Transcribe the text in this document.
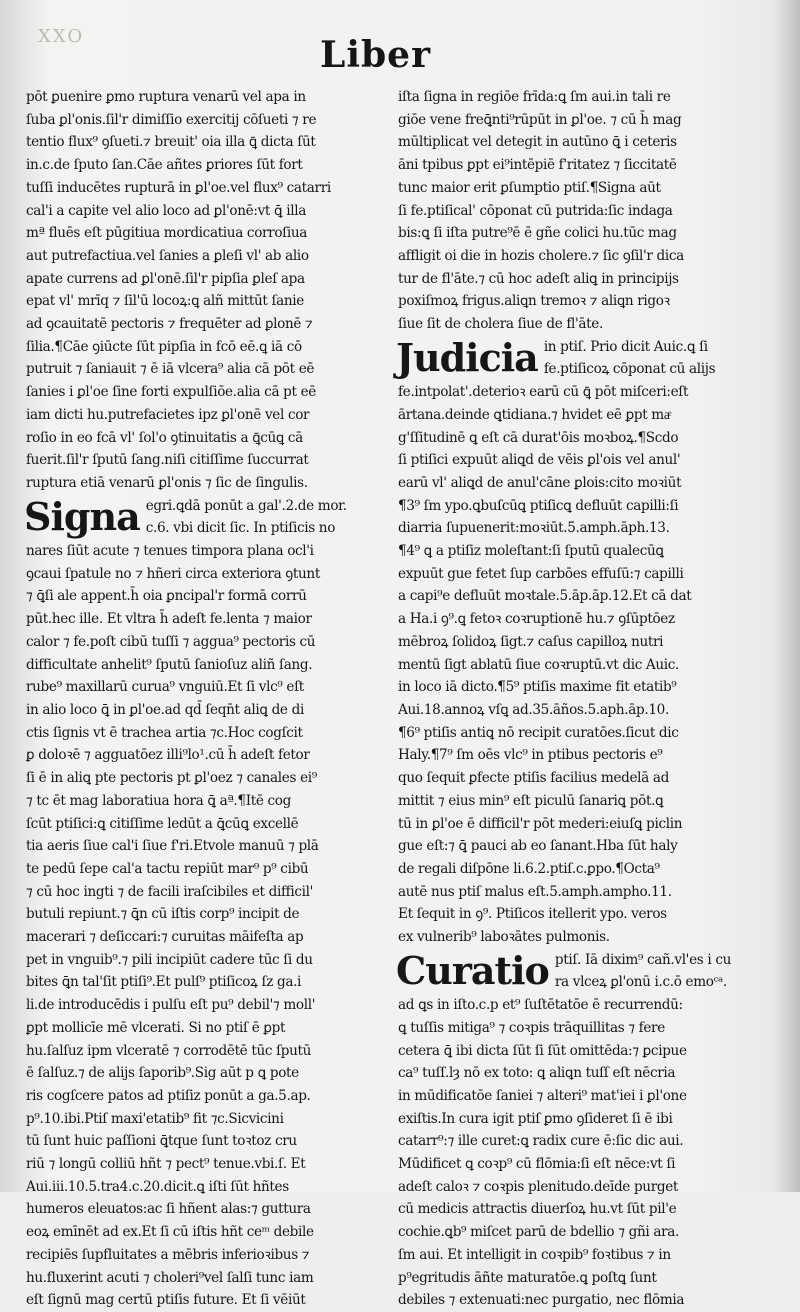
XXO	Liber

pōt ꝑuenire ꝑmo ruptura venarū vel apa in

ſuba ꝑl'onis.ſil'r dimiſſio exercitij cōſueti ⁊ re

tentio flux⁹ ꝯſueti.⁊ breuit' oia illa ꝗ̄ dicta ſūt

in.c.de ſputo ſan.Cāe añtes ꝑriores ſūt fort

tuſſi inducētes rupturā in ꝑl'oe.vel flux⁹ catarri

cal'i a capite vel alio loco ad ꝑl'onē:vt ꝗ̄ illa

mª fluēs eſt pūgitiua mordicatiua corroſiua

aut putrefactiua.vel ſanies a ꝑleſi vl' ab alio

apate currens ad ꝑl'onē.ſil'r pipſia ꝑleſ apa

epat vl' mrīq ⁊ ſil'ū locoꝝ:ꝗ alñ mittūt ſanie

ad ꝯcauitatē pectoris ⁊ frequēter ad ꝑlonē ⁊

ſilia.¶Cāe ꝯiūcte ſūt pipſia in fcō eē.ꝗ iā cō

putruit ⁊ ſaniauit ⁊ ē iā vlcera⁹ alia cā pōt eē

ſanies i ꝑl'oe ſine forti expulſiōe.alia cā pt eē

iam dicti hu.putrefacietes ipz ꝑl'onē vel cor

roſio in eo fcā vl' ſol'o ꝯtinuitatis a ꝗ̄cūꝗ cā

fuerit.ſil'r ſputū ſang.niſi citiſſime ſuccurrat

ruptura etiā venarū ꝑl'onis ⁊ ſic de ſingulis.

Signa egri.ꝗdā ponūt a gal'.2.de mor.

c.6. vbi dicit ſic. In ptiſicis no

nares ſiūt acute ⁊ tenues timpora plana ocl'i

ꝯcaui ſpatule no ⁊ hñeri circa exteriora ꝯtunt

⁊ ꝗ̄ſi ale appent.h̄ oia ꝑncipal'r formā corrū

pūt.hec ille. Et vltra h̄ adeſt fe.lenta ⁊ maior

calor ⁊ fe.poſt cibū tuſſi ⁊ aggua⁹ pectoris cū

difficultate anhelit⁹ ſputū ſanioſuz aliñ ſang.

rube⁹ maxillarū curua⁹ vnguiū.Et ſi vlc⁹ eſt

in alio loco ꝗ̄ in ꝑl'oe.ad qd̄ ſeqn̄t aliꝗ de di

ctis ſignis vt ē trachea artia ⁊c.Hoc cogſcit

ꝑ doloꝛē ⁊ agguatōez illi⁹lo¹.cū h̄ adeſt fetor

ſi ē in aliꝗ pte pectoris pt ꝑl'oez ⁊ canales ei⁹

⁊ tc ēt mag laboratiua hora ꝗ̄ aª.¶Itē cog

ſcūt ptiſici:ꝗ citiſſime ledūt a ꝗ̄cūꝗ excellē

tia aeris ſiue cal'i ſiue f'ri.Etvole manuū ⁊ plā

te pedū ſepe cal'a tactu repiūt mar⁹ p⁹ cibū

⁊ cū hoc ingti ⁊ de facili iraſcibiles et difficil'

butuli repiunt.⁊ ꝗ̄n cū iſtis corp⁹ incipit de

macerari ⁊ deſiccari:⁊ curuitas māifeſta ap

pet in vnguib⁹.⁊ pili incipiūt cadere tūc ſi du

bites ꝗ̄n tal'ſit ptiſi⁹.Et pulſ⁹ ptiſicoꝝ ſz ga.i

li.de introducēdis i pulſu eſt pu⁹ debil'⁊ moll'

ꝑpt mollicīe mē vlcerati. Si no ptiſ ē ꝑpt

hu.ſalſuz ipm vlceratē ⁊ corrodētē tūc ſputū

ē ſalſuz.⁊ de alijs ſaporib⁹.Sig aūt p ꝗ pote

ris cogſcere patos ad ptiſiz ponūt a ga.5.ap.

p⁹.10.ibi.Ptiſ maxi'etatib⁹ fit ⁊c.Sicvicini

tū ſunt huic paſſioni ꝗ̄tque ſunt toꝛtoz cru

riū ⁊ longū colliū hñt ⁊ pect⁹ tenue.vbi.ſ. Et

Aui.iii.10.5.tra4.c.20.dicit.ꝗ iſti ſūt hñtes

humeros eleuatos:ac ſi hñent alas:⁊ guttura

eoꝝ emīnēt ad ex.Et ſi cū iſtis hñt ceᵐ debile

recipiēs ſupfluitates a mēbris inferioꝛibus ⁊

hu.fluxerint acuti ⁊ choleri⁹vel ſalſi tunc iam

eſt ſignū mag certū ptiſis future. Et ſi vēiūt

iſta ſigna in regiōe frīda:ꝗ ſm aui.in tali re

giōe vene freꝗ̄nti⁹rūpūt in ꝑl'oe. ⁊ cū h̄ mag

mūltiplicat vel detegit in autūno ꝗ̄ i ceteris

āni tpibus ꝑpt ei⁹intēpiē f'ritatez ⁊ ſiccitatē

tunc maior erit ꝑſumptio ptiſ.¶Signa aūt

ſi fe.ptiſical' cōponat cū putrida:ſic indaga

bis:ꝗ ſi iſta putre⁹ē ē gñe colici hu.tūc mag

affligit oi die in hozis cholere.⁊ ſic ꝯſil'r dica

tur de fl'āte.⁊ cū hoc adeſt aliꝗ in principijs

poxiſmoꝝ frigus.aliꝗn tremoꝛ ⁊ aliꝗn rigoꝛ

ſiue ſit de cholera ſiue de fl'āte.

Judicia in ptiſ. Prio dicit Auic.ꝗ ſi

fe.ptiſicoꝝ cōponat cū alijs

fe.intpolat'.deterioꝛ earū cū ꝗ̄ pōt miſceri:eſt

ārtana.deinde ꝗtidiana.⁊ hvidet eē ꝑpt maͤ

g'ſſitudinē ꝗ eſt cā durat'ōis moꝛboꝝ.¶Scdo

ſi ptiſici expuūt aliꝗd de vēis ꝑl'ois vel anul'

earū vl' aliꝗd de anul'cāne ꝑlois:cito moꝛiūt

¶3⁹ ſm ypo.ꝗbuſcūꝗ ptiſicꝗ defluūt capilli:ſi

diarria ſupuenerit:moꝛiūt.5.amph.āph.13.

¶4⁹ ꝗ a ptiſiz moleſtant:ſi ſputū qualecūꝗ

expuūt gue fetet ſup carbōes effuſū:⁊ capilli

a capi⁹e defluūt moꝛtale.5.āp.āp.12.Et cā dat

a Ha.i ꝯ⁹.ꝗ fetoꝛ coꝛruptionē hu.⁊ ꝯſūptōez

mēbroꝝ ſolidoꝝ ſigt.⁊ caſus capilloꝝ nutri

mentū ſigt ablatū ſiue coꝛruptū.vt dic Auic.

in loco iā dicto.¶5⁹ ptiſis maxime fit etatib⁹

Aui.18.annoꝝ vſꝗ ad.35.āños.5.aph.āp.10.

¶6⁹ ptiſis antiꝗ nō recipit curatōes.ſicut dic

Haly.¶7⁹ ſm oēs vlc⁹ in ptibus pectoris e⁹

quo ſequit ꝑfecte ptiſis facilius medelā ad

mittit ⁊ eius min⁹ eſt piculū ſanariꝗ pōt.ꝗ

tū in ꝑl'oe ē difficil'r pōt mederi:eiuſꝗ piclin

gue eſt:⁊ ꝗ̄ pauci ab eo ſanant.Hba ſūt haly

de regali diſpōne li.6.2.ptiſ.c.ꝑpo.¶Octa⁹

autē nus ptiſ malus eſt.5.amph.ampho.11.

Et ſequit in ꝯ⁹. Ptiſicos itellerit ypo. veros

ex vulnerib⁹ laboꝛātes pulmonis.

Curatio ptiſ. Iā dixim⁹ cañ.vl'es i cu

ra vlceꝝ ꝑl'onū i.c.ō emoᶜᵃ.

ad ꝗs in iſto.c.p et⁹ ſuſtētatōe ē recurrendū:

ꝗ tuſſis mitiga⁹ ⁊ coꝛpis trāquillitas ⁊ fere

cetera ꝗ̄ ibi dicta ſūt ſi ſūt omittēda:⁊ ꝑcipue

ca⁹ tuſſ.lȝ nō ex toto: ꝗ aliꝗn tuſſ eſt nēcria

in mūdificatōe ſaniei ⁊ alteri⁹ mat'iei i ꝑl'one

exiſtis.In cura igit ptiſ ꝑmo ꝯſideret ſi ē ibi

catarr⁹:⁊ ille curet:ꝗ radix cure ē:ſic dic aui.

Mūdificet ꝗ coꝛp⁹ cū flōmia:ſi eſt nēce:vt ſi

adeſt caloꝛ ⁊ coꝛpis plenitudo.deīde purget

cū medicis attractis diuerſoꝝ hu.vt ſūt pil'e

cochie.ꝗb⁹ miſcet parū de bdellio ⁊ gñi ara.

ſm aui. Et intelligit in coꝛpib⁹ foꝛtibus ⁊ in

p⁹egritudis āñte maturatōe.ꝗ poſtꝗ ſunt

debiles ⁊ extenuati:nec purgatio, nec flōmia
